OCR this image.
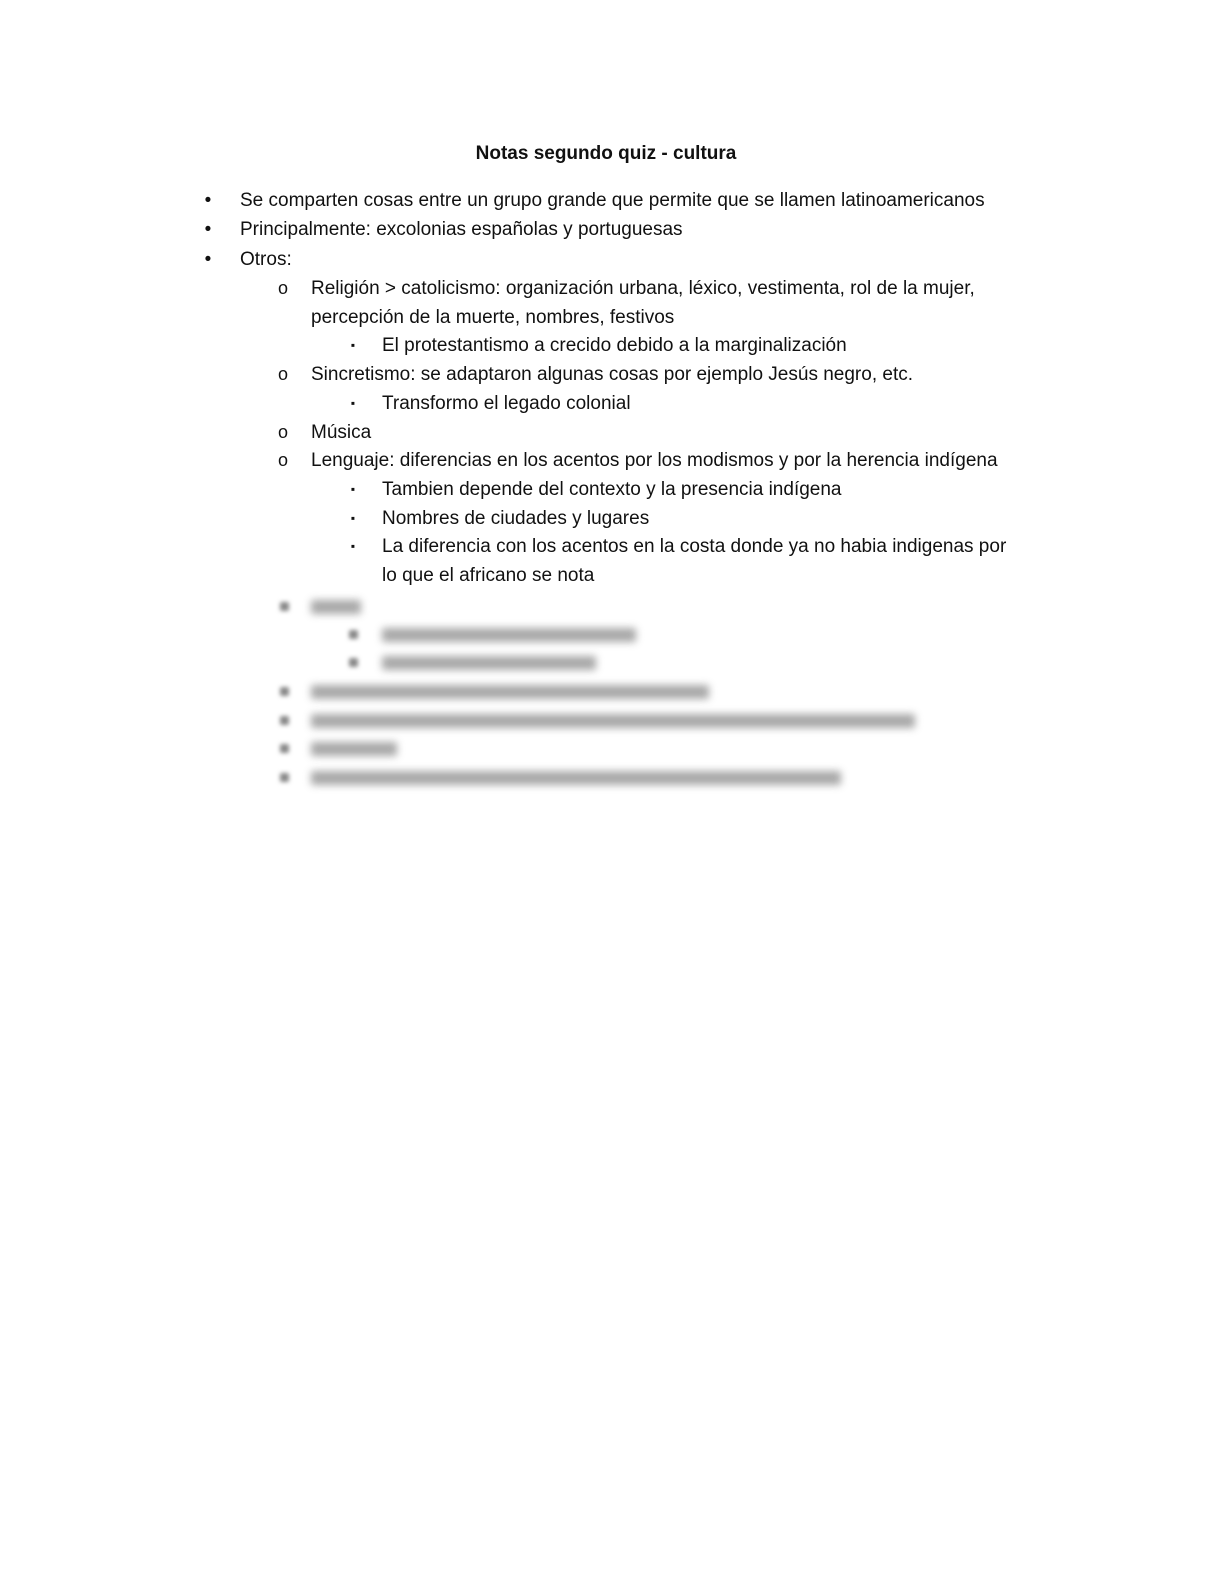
Notas segundo quiz - cultura
•	Se comparten cosas entre un grupo grande que permite que se llamen latinoamericanos
•	Principalmente: excolonias españolas y portuguesas
•	Otros:
o Religión > catolicismo: organización urbana, léxico, vestimenta, rol de la mujer,
percepción de la muerte, nombres, festivos
▪	El protestantismo a crecido debido a la marginalización
o Sincretismo: se adaptaron algunas cosas por ejemplo Jesús negro, etc.
▪	Transformo el legado colonial
o Música
o Lenguaje: diferencias en los acentos por los modismos y por la herencia indígena
▪	Tambien depende del contexto y la presencia indígena
▪	Nombres de ciudades y lugares
▪	La diferencia con los acentos en la costa donde ya no habia indigenas por
lo que el africano se nota
